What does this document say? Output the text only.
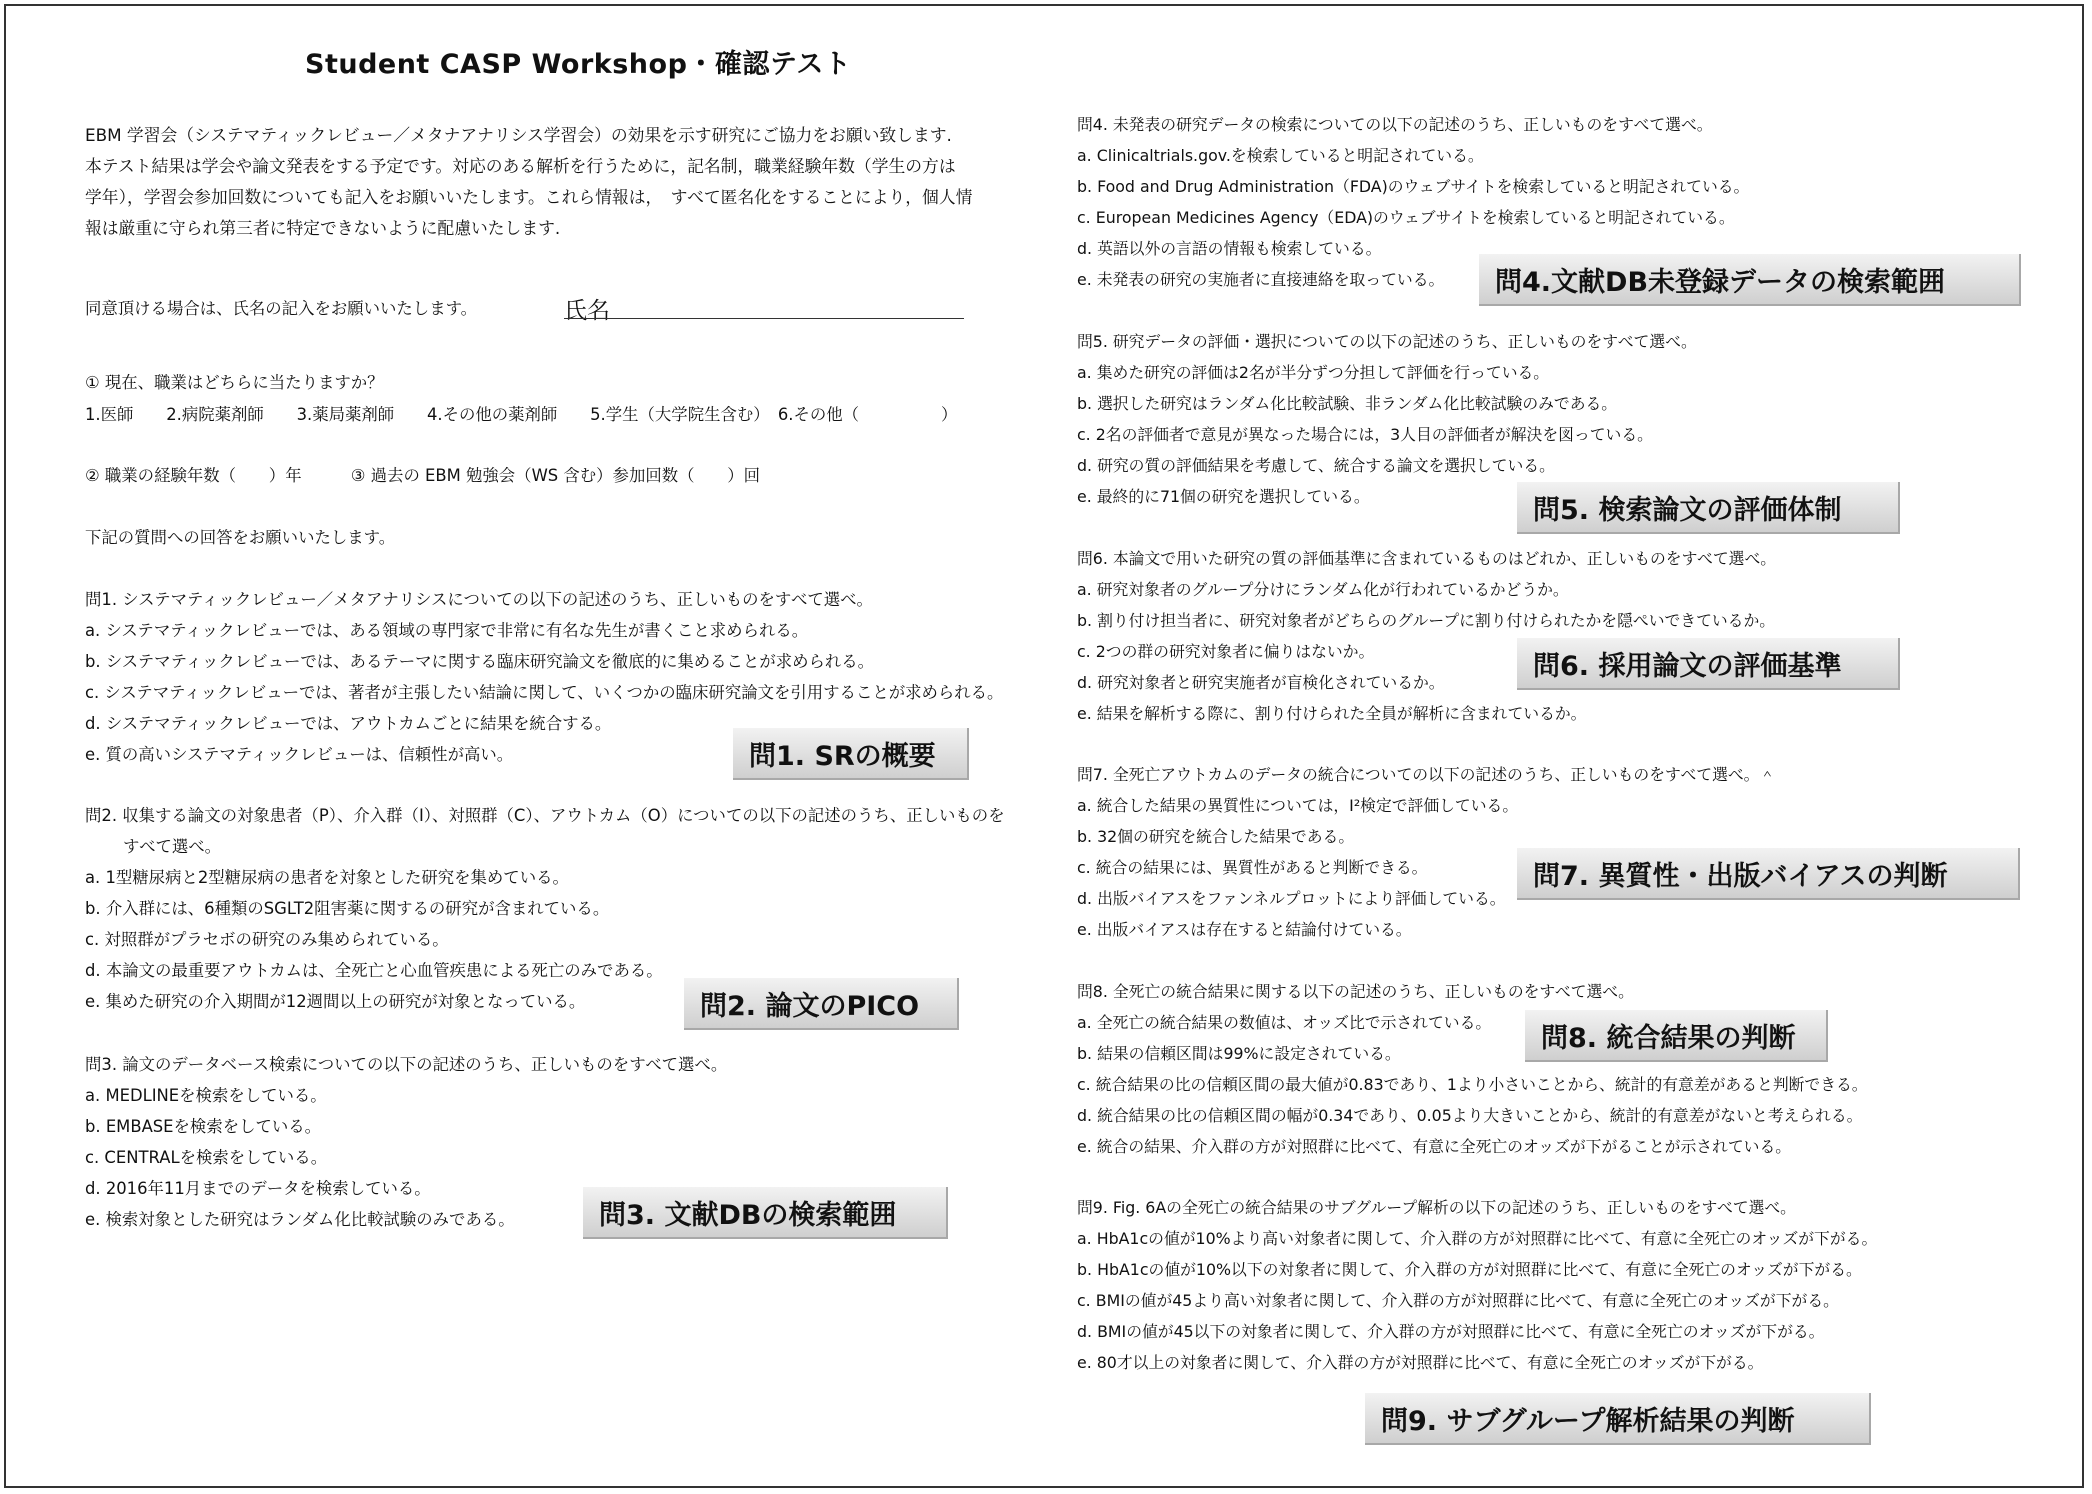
Student CASP Workshop・確認テスト

EBM 学習会（システマティックレビュー／メタナアナリシス学習会）の効果を示す研究にご協力をお願い致します.

本テスト結果は学会や論文発表をする予定です。対応のある解析を行うために，記名制，職業経験年数（学生の方は

学年），学習会参加回数についても記入をお願いいたします。これら情報は，　すべて匿名化をすることにより，個人情

報は厳重に守られ第三者に特定できないように配慮いたします.

同意頂ける場合は、氏名の記入をお願いいたします。	氏名
① 現在、職業はどちらに当たりますか？
1.医師　　2.病院薬剤師　　3.薬局薬剤師　　4.その他の薬剤師　　5.学生（大学院生含む）　6.その他（　　　　　）
② 職業の経験年数（　　）年　　　③ 過去の EBM 勉強会（WS 含む）参加回数（　　）回
下記の質問への回答をお願いいたします。
問1. システマティックレビュー／メタアナリシスについての以下の記述のうち、正しいものをすべて選べ。
a. システマティックレビューでは、ある領域の専門家で非常に有名な先生が書くこと求められる。
b. システマティックレビューでは、あるテーマに関する臨床研究論文を徹底的に集めることが求められる。
c. システマティックレビューでは、著者が主張したい結論に関して、いくつかの臨床研究論文を引用することが求められる。
d. システマティックレビューでは、アウトカムごとに結果を統合する。
e. 質の高いシステマティックレビューは、信頼性が高い。	問1. SRの概要
問2. 収集する論文の対象患者（P）、介入群（I）、対照群（C）、アウトカム（O）についての以下の記述のうち、正しいものを
すべて選べ。
a. 1型糖尿病と2型糖尿病の患者を対象とした研究を集めている。
b. 介入群には、6種類のSGLT2阻害薬に関するの研究が含まれている。
c. 対照群がプラセボの研究のみ集められている。
d. 本論文の最重要アウトカムは、全死亡と心血管疾患による死亡のみである。
e. 集めた研究の介入期間が12週間以上の研究が対象となっている。	問2. 論文のPICO
問3. 論文のデータベース検索についての以下の記述のうち、正しいものをすべて選べ。
a. MEDLINEを検索をしている。
b. EMBASEを検索をしている。
c. CENTRALを検索をしている。
d. 2016年11月までのデータを検索している。
e. 検索対象とした研究はランダム化比較試験のみである。	問3. 文献DBの検索範囲
問4. 未発表の研究データの検索についての以下の記述のうち、正しいものをすべて選べ。
a. Clinicaltrials.gov.を検索していると明記されている。
b. Food and Drug Administration（FDA)のウェブサイトを検索していると明記されている。
c. European Medicines Agency（EDA)のウェブサイトを検索していると明記されている。
d. 英語以外の言語の情報も検索している。
e. 未発表の研究の実施者に直接連絡を取っている。	問4.文献DB未登録データの検索範囲
問5. 研究データの評価・選択についての以下の記述のうち、正しいものをすべて選べ。
a. 集めた研究の評価は2名が半分ずつ分担して評価を行っている。
b. 選択した研究はランダム化比較試験、非ランダム化比較試験のみである。
c. 2名の評価者で意見が異なった場合には，3人目の評価者が解決を図っている。
d. 研究の質の評価結果を考慮して、統合する論文を選択している。
e. 最終的に71個の研究を選択している。	問5. 検索論文の評価体制
問6. 本論文で用いた研究の質の評価基準に含まれているものはどれか、正しいものをすべて選べ。
a. 研究対象者のグループ分けにランダム化が行われているかどうか。
b. 割り付け担当者に、研究対象者がどちらのグループに割り付けられたかを隠ぺいできているか。
c. 2つの群の研究対象者に偏りはないか。
d. 研究対象者と研究実施者が盲検化されているか。
e. 結果を解析する際に、割り付けられた全員が解析に含まれているか。
問6. 採用論文の評価基準
問7. 全死亡アウトカムのデータの統合についての以下の記述のうち、正しいものをすべて選べ。＾
a. 統合した結果の異質性については，I²検定で評価している。
b. 32個の研究を統合した結果である。
c. 統合の結果には、異質性があると判断できる。
d. 出版バイアスをファンネルプロットにより評価している。
e. 出版バイアスは存在すると結論付けている。
問7. 異質性・出版バイアスの判断
問8. 全死亡の統合結果に関する以下の記述のうち、正しいものをすべて選べ。
a. 全死亡の統合結果の数値は、オッズ比で示されている。
b. 結果の信頼区間は99%に設定されている。
c. 統合結果の比の信頼区間の最大値が0.83であり、1より小さいことから、統計的有意差があると判断できる。
d. 統合結果の比の信頼区間の幅が0.34であり、0.05より大きいことから、統計的有意差がないと考えられる。
e. 統合の結果、介入群の方が対照群に比べて、有意に全死亡のオッズが下がることが示されている。
問8. 統合結果の判断
問9. Fig. 6Aの全死亡の統合結果のサブグループ解析の以下の記述のうち、正しいものをすべて選べ。
a. HbA1cの値が10%より高い対象者に関して、介入群の方が対照群に比べて、有意に全死亡のオッズが下がる。
b. HbA1cの値が10%以下の対象者に関して、介入群の方が対照群に比べて、有意に全死亡のオッズが下がる。
c. BMIの値が45より高い対象者に関して、介入群の方が対照群に比べて、有意に全死亡のオッズが下がる。
d. BMIの値が45以下の対象者に関して、介入群の方が対照群に比べて、有意に全死亡のオッズが下がる。
e. 80才以上の対象者に関して、介入群の方が対照群に比べて、有意に全死亡のオッズが下がる。
問9. サブグループ解析結果の判断
